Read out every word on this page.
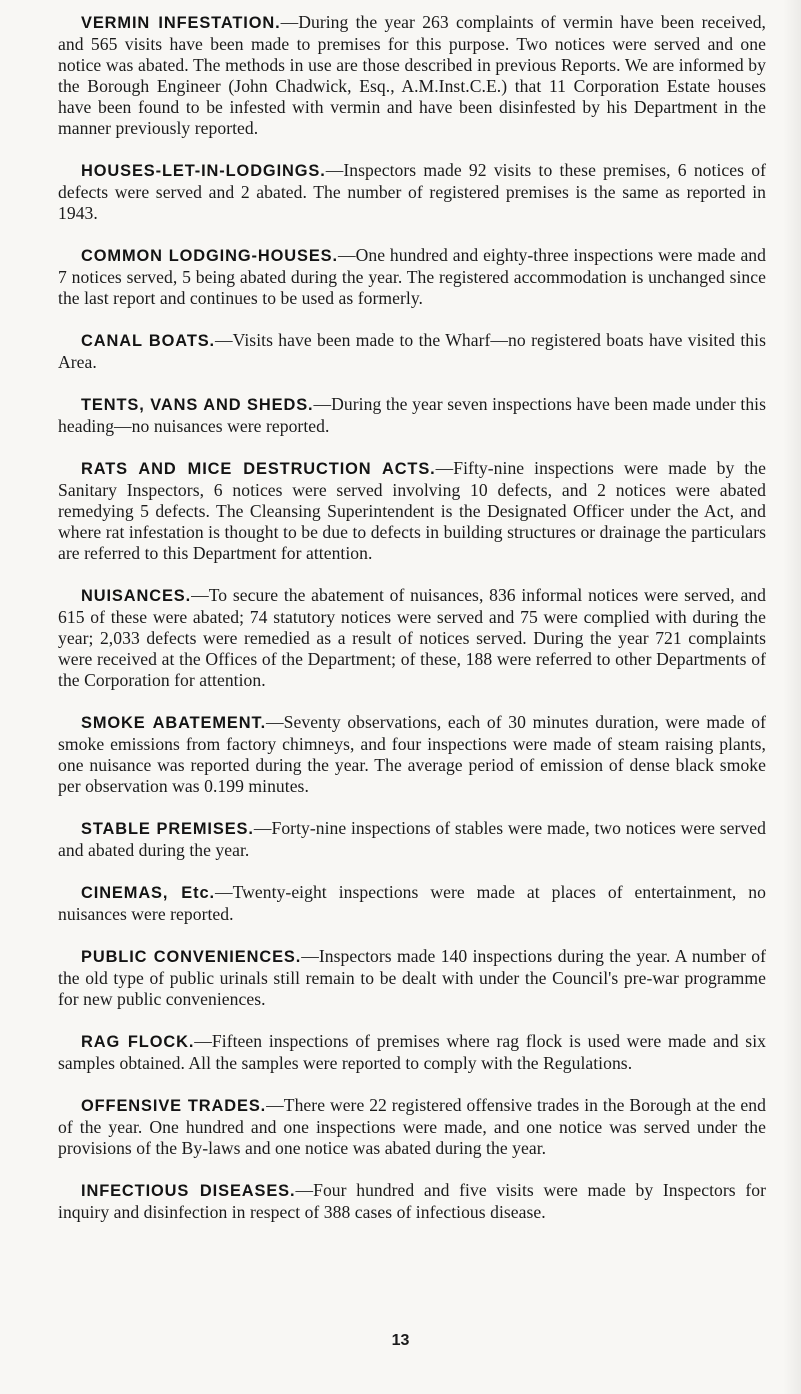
VERMIN INFESTATION.—During the year 263 complaints of vermin have been received, and 565 visits have been made to premises for this purpose. Two notices were served and one notice was abated. The methods in use are those described in previous Reports. We are informed by the Borough Engineer (John Chadwick, Esq., A.M.Inst.C.E.) that 11 Corporation Estate houses have been found to be infested with vermin and have been disinfested by his Department in the manner previously reported.

HOUSES-LET-IN-LODGINGS.—Inspectors made 92 visits to these premises, 6 notices of defects were served and 2 abated. The number of registered premises is the same as reported in 1943.

COMMON LODGING-HOUSES.—One hundred and eighty-three inspections were made and 7 notices served, 5 being abated during the year. The registered accommodation is unchanged since the last report and continues to be used as formerly.

CANAL BOATS.—Visits have been made to the Wharf—no registered boats have visited this Area.

TENTS, VANS AND SHEDS.—During the year seven inspections have been made under this heading—no nuisances were reported.

RATS AND MICE DESTRUCTION ACTS.—Fifty-nine inspections were made by the Sanitary Inspectors, 6 notices were served involving 10 defects, and 2 notices were abated remedying 5 defects. The Cleansing Superintendent is the Designated Officer under the Act, and where rat infestation is thought to be due to defects in building structures or drainage the particulars are referred to this Department for attention.

NUISANCES.—To secure the abatement of nuisances, 836 informal notices were served, and 615 of these were abated; 74 statutory notices were served and 75 were complied with during the year; 2,033 defects were remedied as a result of notices served. During the year 721 complaints were received at the Offices of the Department; of these, 188 were referred to other Departments of the Corporation for attention.

SMOKE ABATEMENT.—Seventy observations, each of 30 minutes duration, were made of smoke emissions from factory chimneys, and four inspections were made of steam raising plants, one nuisance was reported during the year. The average period of emission of dense black smoke per observation was 0.199 minutes.

STABLE PREMISES.—Forty-nine inspections of stables were made, two notices were served and abated during the year.

CINEMAS, Etc.—Twenty-eight inspections were made at places of entertainment, no nuisances were reported.

PUBLIC CONVENIENCES.—Inspectors made 140 inspections during the year. A number of the old type of public urinals still remain to be dealt with under the Council's pre-war programme for new public conveniences.

RAG FLOCK.—Fifteen inspections of premises where rag flock is used were made and six samples obtained. All the samples were reported to comply with the Regulations.

OFFENSIVE TRADES.—There were 22 registered offensive trades in the Borough at the end of the year. One hundred and one inspections were made, and one notice was served under the provisions of the By-laws and one notice was abated during the year.

INFECTIOUS DISEASES.—Four hundred and five visits were made by Inspectors for inquiry and disinfection in respect of 388 cases of infectious disease.

13
